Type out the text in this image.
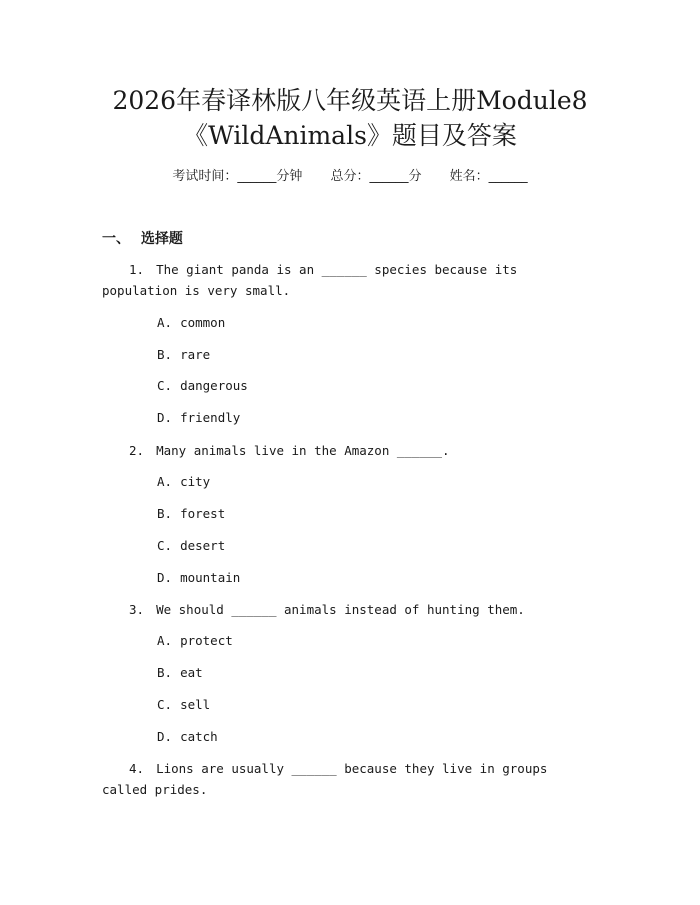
2026年春译林版八年级英语上册Module8
《WildAnimals》题目及答案
考试时间：______分钟 总分：______分 姓名：______
一、 选择题
1. The giant panda is an ______ species because its population is very small.
A. common
B. rare
C. dangerous
D. friendly
2. Many animals live in the Amazon ______.
A. city
B. forest
C. desert
D. mountain
3. We should ______ animals instead of hunting them.
A. protect
B. eat
C. sell
D. catch
4. Lions are usually ______ because they live in groups called prides.
